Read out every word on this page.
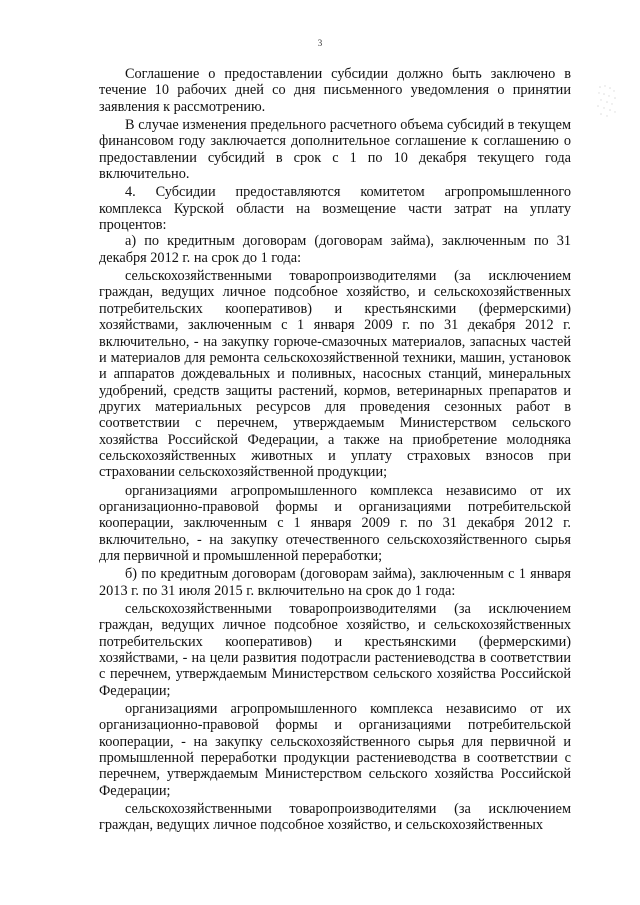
3

Соглашение о предоставлении субсидии должно быть заключено в течение 10 рабочих дней со дня письменного уведомления о принятии заявления к рассмотрению.

В случае изменения предельного расчетного объема субсидий в текущем финансовом году заключается дополнительное соглашение к соглашению о предоставлении субсидий в срок с 1 по 10 декабря текущего года включительно.

4. Субсидии предоставляются комитетом агропромышленного комплекса Курской области на возмещение части затрат на уплату процентов:

а) по кредитным договорам (договорам займа), заключенным по 31 декабря 2012 г. на срок до 1 года:

сельскохозяйственными товаропроизводителями (за исключением граждан, ведущих личное подсобное хозяйство, и сельскохозяйственных потребительских кооперативов) и крестьянскими (фермерскими) хозяйствами, заключенным с 1 января 2009 г. по 31 декабря 2012 г. включительно, - на закупку горюче-смазочных материалов, запасных частей и материалов для ремонта сельскохозяйственной техники, машин, установок и аппаратов дождевальных и поливных, насосных станций, минеральных удобрений, средств защиты растений, кормов, ветеринарных препаратов и других материальных ресурсов для проведения сезонных работ в соответствии с перечнем, утверждаемым Министерством сельского хозяйства Российской Федерации, а также на приобретение молодняка сельскохозяйственных животных и уплату страховых взносов при страховании сельскохозяйственной продукции;

организациями агропромышленного комплекса независимо от их организационно-правовой формы и организациями потребительской кооперации, заключенным с 1 января 2009 г. по 31 декабря 2012 г. включительно, - на закупку отечественного сельскохозяйственного сырья для первичной и промышленной переработки;

б) по кредитным договорам (договорам займа), заключенным с 1 января 2013 г. по 31 июля 2015 г. включительно на срок до 1 года:

сельскохозяйственными товаропроизводителями (за исключением граждан, ведущих личное подсобное хозяйство, и сельскохозяйственных потребительских кооперативов) и крестьянскими (фермерскими) хозяйствами, - на цели развития подотрасли растениеводства в соответствии с перечнем, утверждаемым Министерством сельского хозяйства Российской Федерации;

организациями агропромышленного комплекса независимо от их организационно-правовой формы и организациями потребительской кооперации, - на закупку сельскохозяйственного сырья для первичной и промышленной переработки продукции растениеводства в соответствии с перечнем, утверждаемым Министерством сельского хозяйства Российской Федерации;

сельскохозяйственными товаропроизводителями (за исключением граждан, ведущих личное подсобное хозяйство, и сельскохозяйственных
